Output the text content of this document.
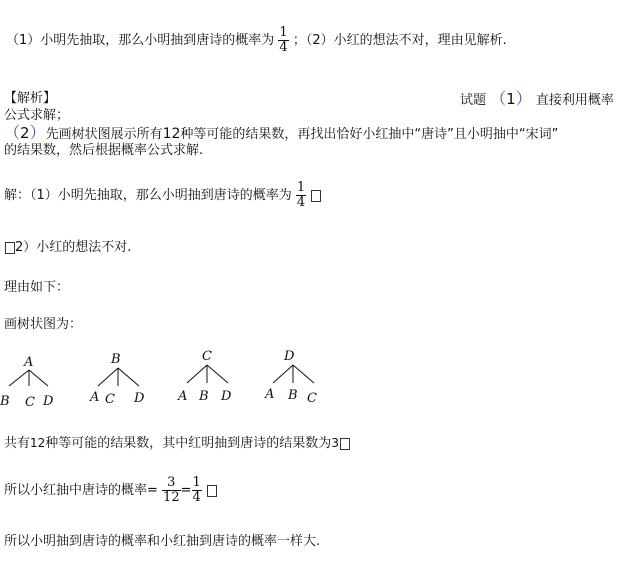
（1）小明先抽取，那么小明抽到唐诗的概率为 $\frac{1}{4}$ ；（2）小红的想法不对，理由见解析.
【解析】	试题 （1） 直接利用概率
公式求解；
（2）先画树状图展示所有12种等可能的结果数，再找出恰好小红抽中“唐诗”且小明抽中“宋词”
的结果数，然后根据概率公式求解.
解：（1）小明先抽取，那么小明抽到唐诗的概率为 $\frac{1}{4}$

2）小红的想法不对.
理由如下：
画树状图为：
A
B C D
B
A C D
C
A B D
D
A B C
共有12种等可能的结果数，其中红明抽到唐诗的结果数为3
所以小红抽中唐诗的概率= $\frac{3}{12} = \frac{1}{4}$

所以小明抽到唐诗的概率和小红抽到唐诗的概率一样大.
